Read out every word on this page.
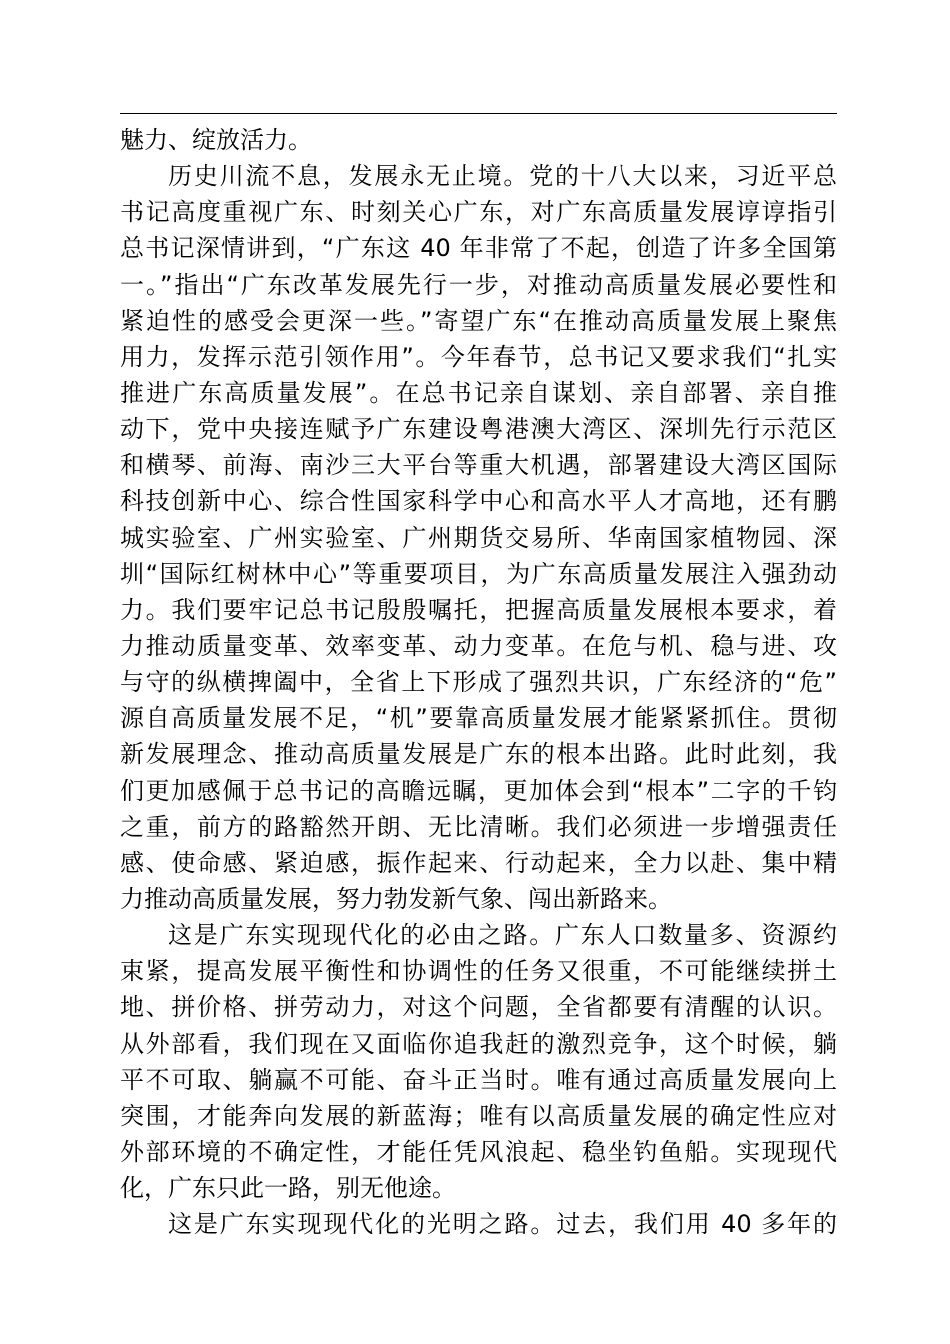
魅力、绽放活力。
历史川流不息，发展永无止境。党的十八大以来，习近平总
书记高度重视广东、时刻关心广东，对广东高质量发展谆谆指引
总书记深情讲到，“广东这 40 年非常了不起，创造了许多全国第
一。”指出“广东改革发展先行一步，对推动高质量发展必要性和
紧迫性的感受会更深一些。”寄望广东“在推动高质量发展上聚焦
用力，发挥示范引领作用”。今年春节，总书记又要求我们“扎实
推进广东高质量发展”。在总书记亲自谋划、亲自部署、亲自推
动下，党中央接连赋予广东建设粤港澳大湾区、深圳先行示范区
和横琴、前海、南沙三大平台等重大机遇，部署建设大湾区国际
科技创新中心、综合性国家科学中心和高水平人才高地，还有鹏
城实验室、广州实验室、广州期货交易所、华南国家植物园、深
圳“国际红树林中心”等重要项目，为广东高质量发展注入强劲动
力。我们要牢记总书记殷殷嘱托，把握高质量发展根本要求，着
力推动质量变革、效率变革、动力变革。在危与机、稳与进、攻
与守的纵横捭阖中，全省上下形成了强烈共识，广东经济的“危”
源自高质量发展不足，“机”要靠高质量发展才能紧紧抓住。贯彻
新发展理念、推动高质量发展是广东的根本出路。此时此刻，我
们更加感佩于总书记的高瞻远瞩，更加体会到“根本”二字的千钧
之重，前方的路豁然开朗、无比清晰。我们必须进一步增强责任
感、使命感、紧迫感，振作起来、行动起来，全力以赴、集中精
力推动高质量发展，努力勃发新气象、闯出新路来。
这是广东实现现代化的必由之路。广东人口数量多、资源约
束紧，提高发展平衡性和协调性的任务又很重，不可能继续拼土
地、拼价格、拼劳动力，对这个问题，全省都要有清醒的认识。
从外部看，我们现在又面临你追我赶的激烈竞争，这个时候，躺
平不可取、躺赢不可能、奋斗正当时。唯有通过高质量发展向上
突围，才能奔向发展的新蓝海；唯有以高质量发展的确定性应对
外部环境的不确定性，才能任凭风浪起、稳坐钓鱼船。实现现代
化，广东只此一路，别无他途。
这是广东实现现代化的光明之路。过去，我们用 40 多年的
